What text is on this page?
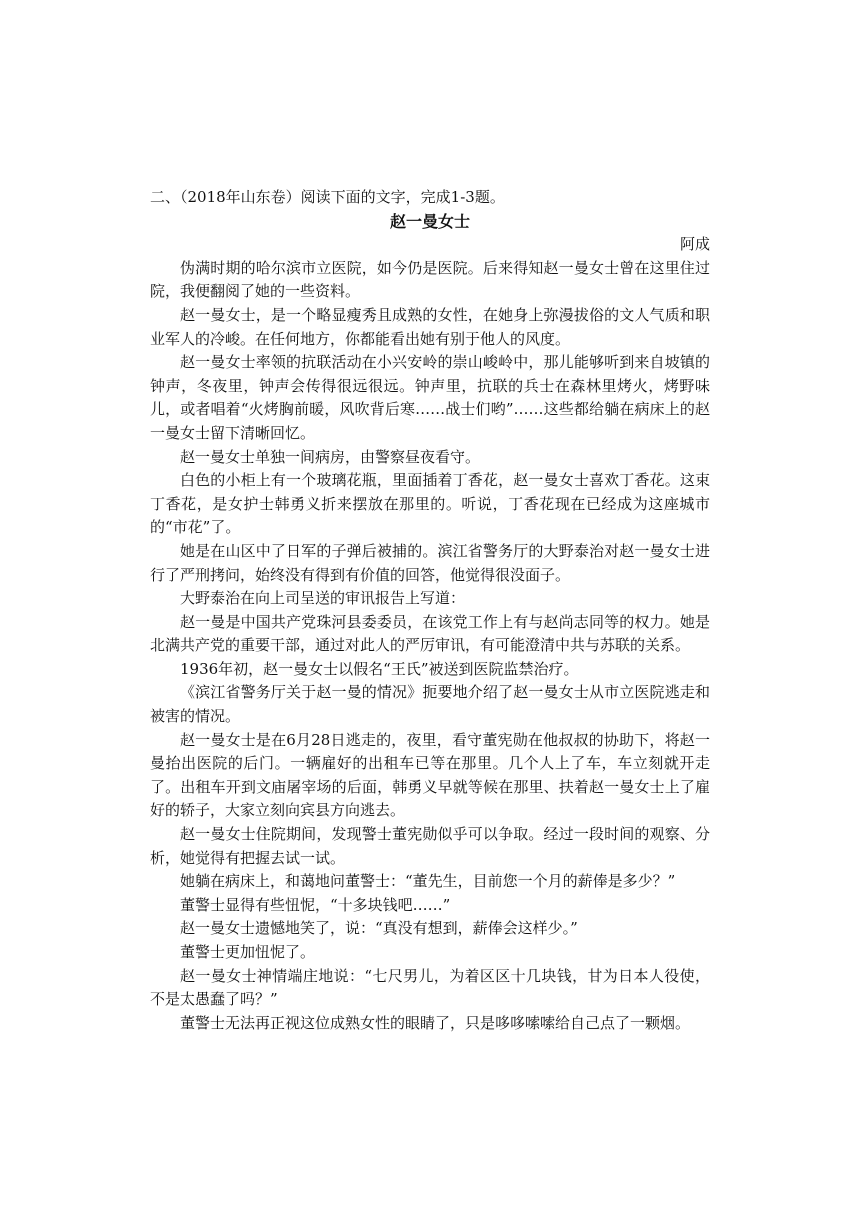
二、（2018年山东卷）阅读下面的文字，完成1-3题。

赵一曼女士

阿成

伪满时期的哈尔滨市立医院，如今仍是医院。后来得知赵一曼女士曾在这里住过院，我便翻阅了她的一些资料。

赵一曼女士，是一个略显瘦秀且成熟的女性，在她身上弥漫拔俗的文人气质和职业军人的冷峻。在任何地方，你都能看出她有别于他人的风度。

赵一曼女士率领的抗联活动在小兴安岭的崇山峻岭中，那儿能够听到来自坡镇的钟声，冬夜里，钟声会传得很远很远。钟声里，抗联的兵士在森林里烤火，烤野味儿，或者唱着“火烤胸前暖，风吹背后寒……战士们哟”……这些都给躺在病床上的赵一曼女士留下清晰回忆。

赵一曼女士单独一间病房，由警察昼夜看守。

白色的小柜上有一个玻璃花瓶，里面插着丁香花，赵一曼女士喜欢丁香花。这束丁香花，是女护士韩勇义折来摆放在那里的。听说，丁香花现在已经成为这座城市的“市花”了。

她是在山区中了日军的子弹后被捕的。滨江省警务厅的大野泰治对赵一曼女士进行了严刑拷问，始终没有得到有价值的回答，他觉得很没面子。

大野泰治在向上司呈送的审讯报告上写道：

赵一曼是中国共产党珠河县委委员，在该党工作上有与赵尚志同等的权力。她是北满共产党的重要干部，通过对此人的严厉审讯，有可能澄清中共与苏联的关系。

1936年初，赵一曼女士以假名“王氏”被送到医院监禁治疗。

《滨江省警务厅关于赵一曼的情况》扼要地介绍了赵一曼女士从市立医院逃走和被害的情况。

赵一曼女士是在6月28日逃走的，夜里，看守董宪勋在他叔叔的协助下，将赵一曼抬出医院的后门。一辆雇好的出租车已等在那里。几个人上了车，车立刻就开走了。出租车开到文庙屠宰场的后面，韩勇义早就等候在那里、扶着赵一曼女士上了雇好的轿子，大家立刻向宾县方向逃去。

赵一曼女士住院期间，发现警士董宪勋似乎可以争取。经过一段时间的观察、分析，她觉得有把握去试一试。

她躺在病床上，和蔼地问董警士：“董先生，目前您一个月的薪俸是多少？”

董警士显得有些忸怩，“十多块钱吧……”

赵一曼女士遗憾地笑了，说：“真没有想到，薪俸会这样少。”

董警士更加忸怩了。

赵一曼女士神情端庄地说：“七尺男儿，为着区区十几块钱，甘为日本人役使，不是太愚蠢了吗？”

董警士无法再正视这位成熟女性的眼睛了，只是哆哆嗦嗦给自己点了一颗烟。
